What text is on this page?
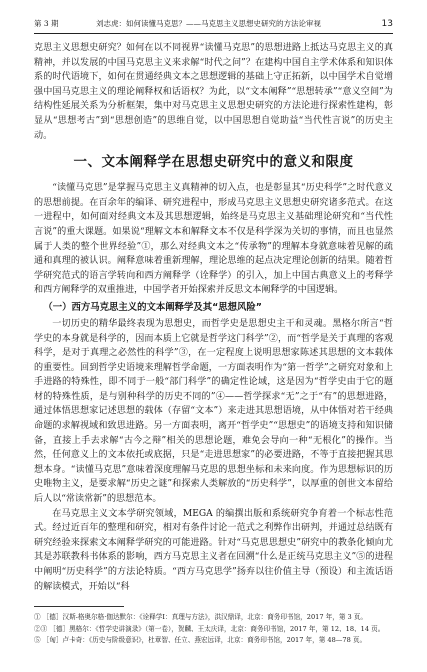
第 3 期	刘志虎：如何读懂马克思？——马克思主义思想史研究的方法论审视	13

克思主义思想史研究？如何在以不同视界“读懂马克思”的思想进路上抵达马克思主义的真精神，并以发展的中国马克思主义来求解“时代之问”？在建构中国自主学术体系和知识体系的时代语境下，如何在贯通经典文本之思想逻辑的基础上守正拓新，以中国学术自觉增强中国马克思主义的理论阐释权和话语权？为此，以“文本阐释”“思想转承”“意义空间”为结构性延展关系为分析框架，集中对马克思主义思想史研究的方法论进行探索性建构，彰显从“思想考古”到“思想创造”的思维自觉，以中国思想自觉助益“当代性言说”的历史主动。

一、文本阐释学在思想史研究中的意义和限度

“读懂马克思”是掌握马克思主义真精神的切入点，也是彰显其“历史科学”之时代意义的思想前提。在百余年的编译、研究进程中，形成马克思主义思想史研究诸多范式。在这一进程中，如何面对经典文本及其思想逻辑，始终是马克思主义基础理论研究和“当代性言说”的重大课题。如果说“理解文本和解释文本不仅是科学深为关切的事情，而且也显然属于人类的整个世界经验”①，那么对经典文本之“传承物”的理解本身就意味着见解的疏通和真理的被认识。阐释意味着重新理解，理论思维的起点决定理论创新的结果。随着哲学研究范式的语言学转向和西方阐释学（诠释学）的引入，加上中国古典意义上的考释学和西方阐释学的双重推进，中国学者开始探索并反思文本阐释学的中国逻辑。

（一）西方马克思主义的文本阐释学及其“思想风险”

一切历史的精华最终表现为思想史，而哲学史是思想史主干和灵魂。黑格尔所言“哲学史的本身就是科学的，因而本质上它就是哲学这门科学”②，而“哲学是关于真理的客观科学，是对于真理之必然性的科学”③，在一定程度上说明思想家陈述其思想的文本载体的重要性。回到哲学史语境来理解哲学命题，一方面表明作为“第一哲学”之研究对象和上手进路的特殊性，即不同于一般“部门科学”的确定性论域，这是因为“哲学史由于它的题材的特殊性质，是与别种科学的历史不同的”④——哲学探求“无”之于“有”的思想进路，通过体悟思想家记述思想的载体（存留“文本”）来走进其思想语境，从中体悟对若干经典命题的求解视域和致思进路。另一方面表明，离开“哲学史”“思想史”的语境支持和知识储备，直接上手去求解“古今之辩”相关的思想论题，难免会导向一种“无根化”的操作。当然，任何意义上的文本依托或底据，只是“走进思想家”的必要进路，不等于直接把握其思想本身。“读懂马克思”意味着深度理解马克思的思想坐标和未来向度。作为思想标识的历史唯物主义，是要求解“历史之谜”和探索人类解放的“历史科学”，以厚重的创世文本留给后人以“常读常新”的思想范本。

在马克思主义文本学研究领域，MEGA 的编撰出版和系统研究争育着一个标志性范式。经过近百年的整理和研究，相对有条件讨论一范式之利弊作出研判，并通过总结既有研究经验来探索文本阐释学研究的可能进路。针对“马克思思想史”研究中的教条化倾向尤其是苏联教科书体系的影响，西方马克思主义者在回溯“什么是正统马克思主义”⑤的进程中阐明“历史科学”的方法论特质。“西方马克思学”扬弃以往价值主导（预设）和主流话语的解读模式，开始以“科

① ［德］汉斯-格奥尔格·伽达默尔：《诠释学Ⅰ：真理与方法》，洪汉鼎译，北京：商务印书馆，2017 年，第 3 页。
②③ ［德］黑格尔：《哲学史讲演录》（第一卷），贺麟、王太庆译，北京：商务印书馆，2017 年，第 12、18、14 页。
⑤ ［匈］卢卡奇：《历史与阶级意识》，杜章智、任立、燕宏远译，北京：商务印书馆，2017 年，第 48—78 页。
